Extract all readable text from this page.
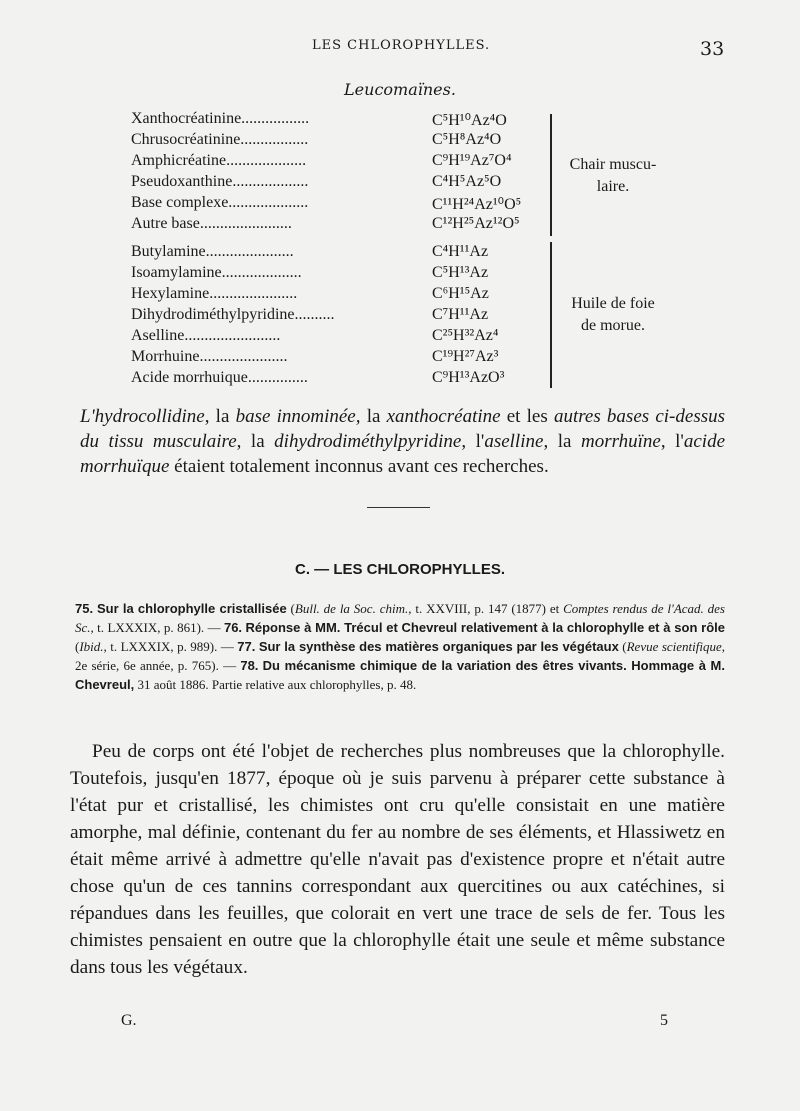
LES CHLOROPHYLLES.	33
Leucomaïnes.
Xanthocréatinine.................	C⁵H¹⁰Az⁴O
Chrusocréatinine.................	C⁵H⁸Az⁴O
Amphicréatine....................	C⁹H¹⁹Az⁷O⁴
Pseudoxanthine...................	C⁴H⁵Az⁵O
Base complexe....................	C¹¹H²⁴Az¹⁰O⁵
Autre base.......................	C¹²H²⁵Az¹²O⁵
Butylamine......................	C⁴H¹¹Az
Isoamylamine....................	C⁵H¹³Az
Hexylamine......................	C⁶H¹⁵Az
Dihydrodiméthylpyridine..........	C⁷H¹¹Az
Aselline........................	C²⁵H³²Az⁴
Morrhuine......................	C¹⁹H²⁷Az³
Acide morrhuique...............	C⁹H¹³AzO³
Chair muscu-
laire.
Huile de foie
de morue.
L'hydrocollidine, la base innominée, la xanthocréatine et les autres bases ci-dessus du tissu musculaire, la dihydrodiméthylpyridine, l'aselline, la morrhuïne, l'acide morrhuïque étaient totalement inconnus avant ces recherches.
C. — LES CHLOROPHYLLES.
75. Sur la chlorophylle cristallisée (Bull. de la Soc. chim., t. XXVIII, p. 147 (1877) et Comptes rendus de l'Acad. des Sc., t. LXXXIX, p. 861). — 76. Réponse à MM. Trécul et Chevreul relativement à la chlorophylle et à son rôle (Ibid., t. LXXXIX, p. 989). — 77. Sur la synthèse des matières organiques par les végétaux (Revue scientifique, 2e série, 6e année, p. 765). — 78. Du mécanisme chimique de la variation des êtres vivants. Hommage à M. Chevreul, 31 août 1886. Partie relative aux chlorophylles, p. 48.
Peu de corps ont été l'objet de recherches plus nombreuses que la chlorophylle. Toutefois, jusqu'en 1877, époque où je suis parvenu à préparer cette substance à l'état pur et cristallisé, les chimistes ont cru qu'elle consistait en une matière amorphe, mal définie, contenant du fer au nombre de ses éléments, et Hlassiwetz en était même arrivé à admettre qu'elle n'avait pas d'existence propre et n'était autre chose qu'un de ces tannins correspondant aux quercitines ou aux catéchines, si répandues dans les feuilles, que colorait en vert une trace de sels de fer. Tous les chimistes pensaient en outre que la chlorophylle était une seule et même substance dans tous les végétaux.
G.	5
